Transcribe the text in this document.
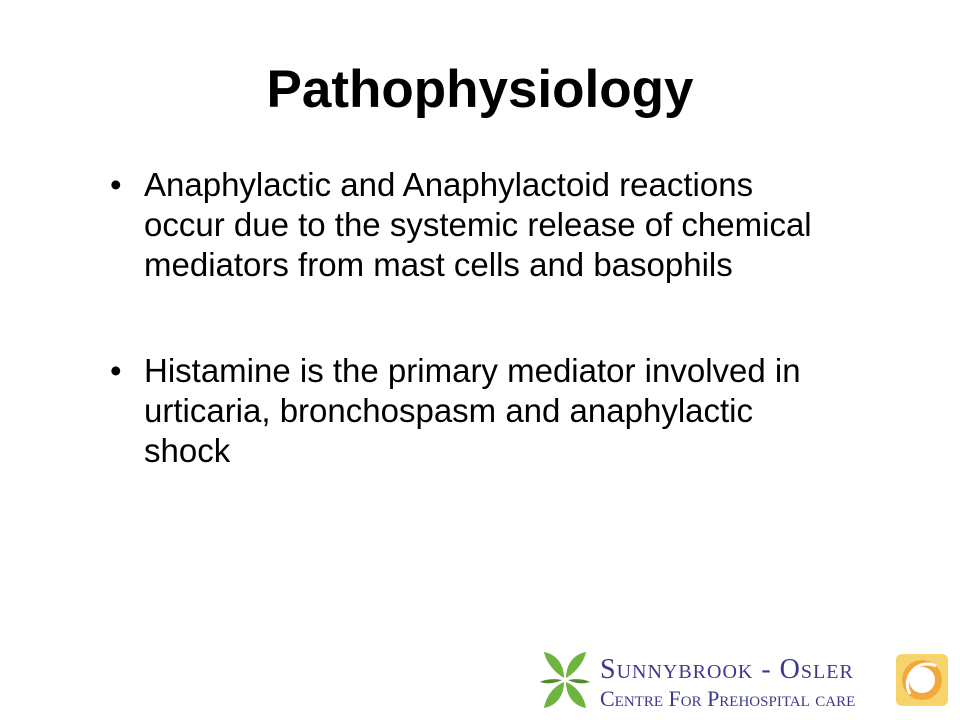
Pathophysiology
• Anaphylactic and Anaphylactoid reactions occur due to the systemic release of chemical mediators from mast cells and basophils
• Histamine is the primary mediator involved in urticaria, bronchospasm and anaphylactic shock
Sunnybrook - Osler
Centre For Prehospital care
